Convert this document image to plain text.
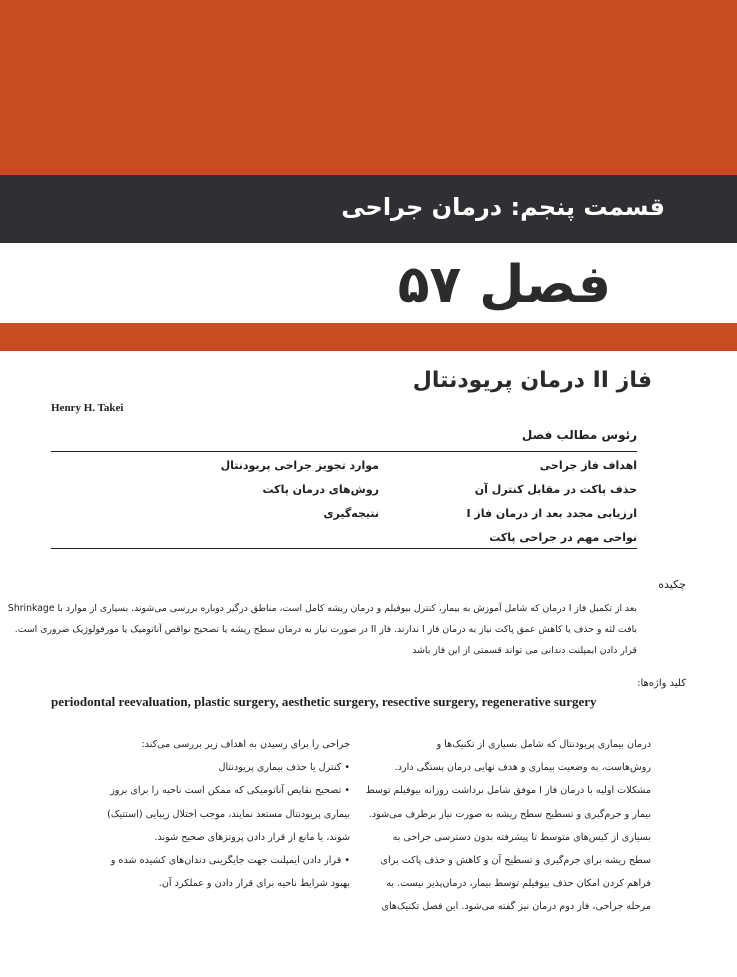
قسمت پنجم: درمان جراحی
فصل ۵۷
فاز II درمان پریودنتال
Henry H. Takei
رئوس مطالب فصل
اهداف فاز جراحی
حذف پاکت در مقابل کنترل آن
ارزیابی مجدد بعد از درمان فاز I
نواحی مهم در جراحی پاکت
موارد تجویز جراحی پریودنتال
روش‌های درمان پاکت
نتیجه‌گیری
چکیده
بعد از تکمیل فاز I درمان که شامل آموزش به بیمار، کنترل بیوفیلم و درمان ریشه کامل است، مناطق درگیر دوباره بررسی می‌شوند. بسیاری از موارد با Shrinkage
بافت لثه و حذف یا کاهش عمق پاکت نیاز به درمان فاز I ندارند. فاز II در صورت نیاز به درمان سطح ریشه یا تصحیح نواقص آناتومیک یا مورفولوژیک ضروری است.
قرار دادن ایمپلنت دندانی می تواند قسمتی از این فاز باشد
کلید واژه‌ها:
periodontal reevaluation, plastic surgery, aesthetic surgery, resective surgery, regenerative surgery
درمان بیماری پریودنتال که شامل بسیاری از تکنیک‌ها و
روش‌هاست، به وضعیت بیماری و هدف نهایی درمان بستگی دارد.
مشکلات اولیه با درمان فاز I موفق شامل برداشت روزانه بیوفیلم توسط
بیمار و جرم‌گیری و تسطیح سطح ریشه به صورت نیاز برطرف می‌شود.
بسیاری از کیس‌های متوسط تا پیشرفته بدون دسترسی جراحی به
سطح ریشه برای جرم‌گیری و تسطیح آن و کاهش و حذف پاکت برای
فراهم کردن امکان حذف بیوفیلم توسط بیمار، درمان‌پذیر نیست. به
مرحله جراحی، فاز دوم درمان نیز گفته می‌شود. این فصل تکنیک‌های
جراحی را برای رسیدن به اهداف زیر بررسی می‌کند:
• کنترل یا حذف بیماری پریودنتال
• تصحیح نقایص آناتومیکی که ممکن است ناحیه را برای بروز
بیماری پریودنتال مستعد نمایند، موجب اختلال زیبایی (استتیک)
شوند، یا مانع از قرار دادن پروتزهای صحیح شوند.
• قرار دادن ایمپلنت جهت جایگزینی دندان‌های کشیده شده و
بهبود شرایط ناحیه برای قرار دادن و عملکرد آن.
